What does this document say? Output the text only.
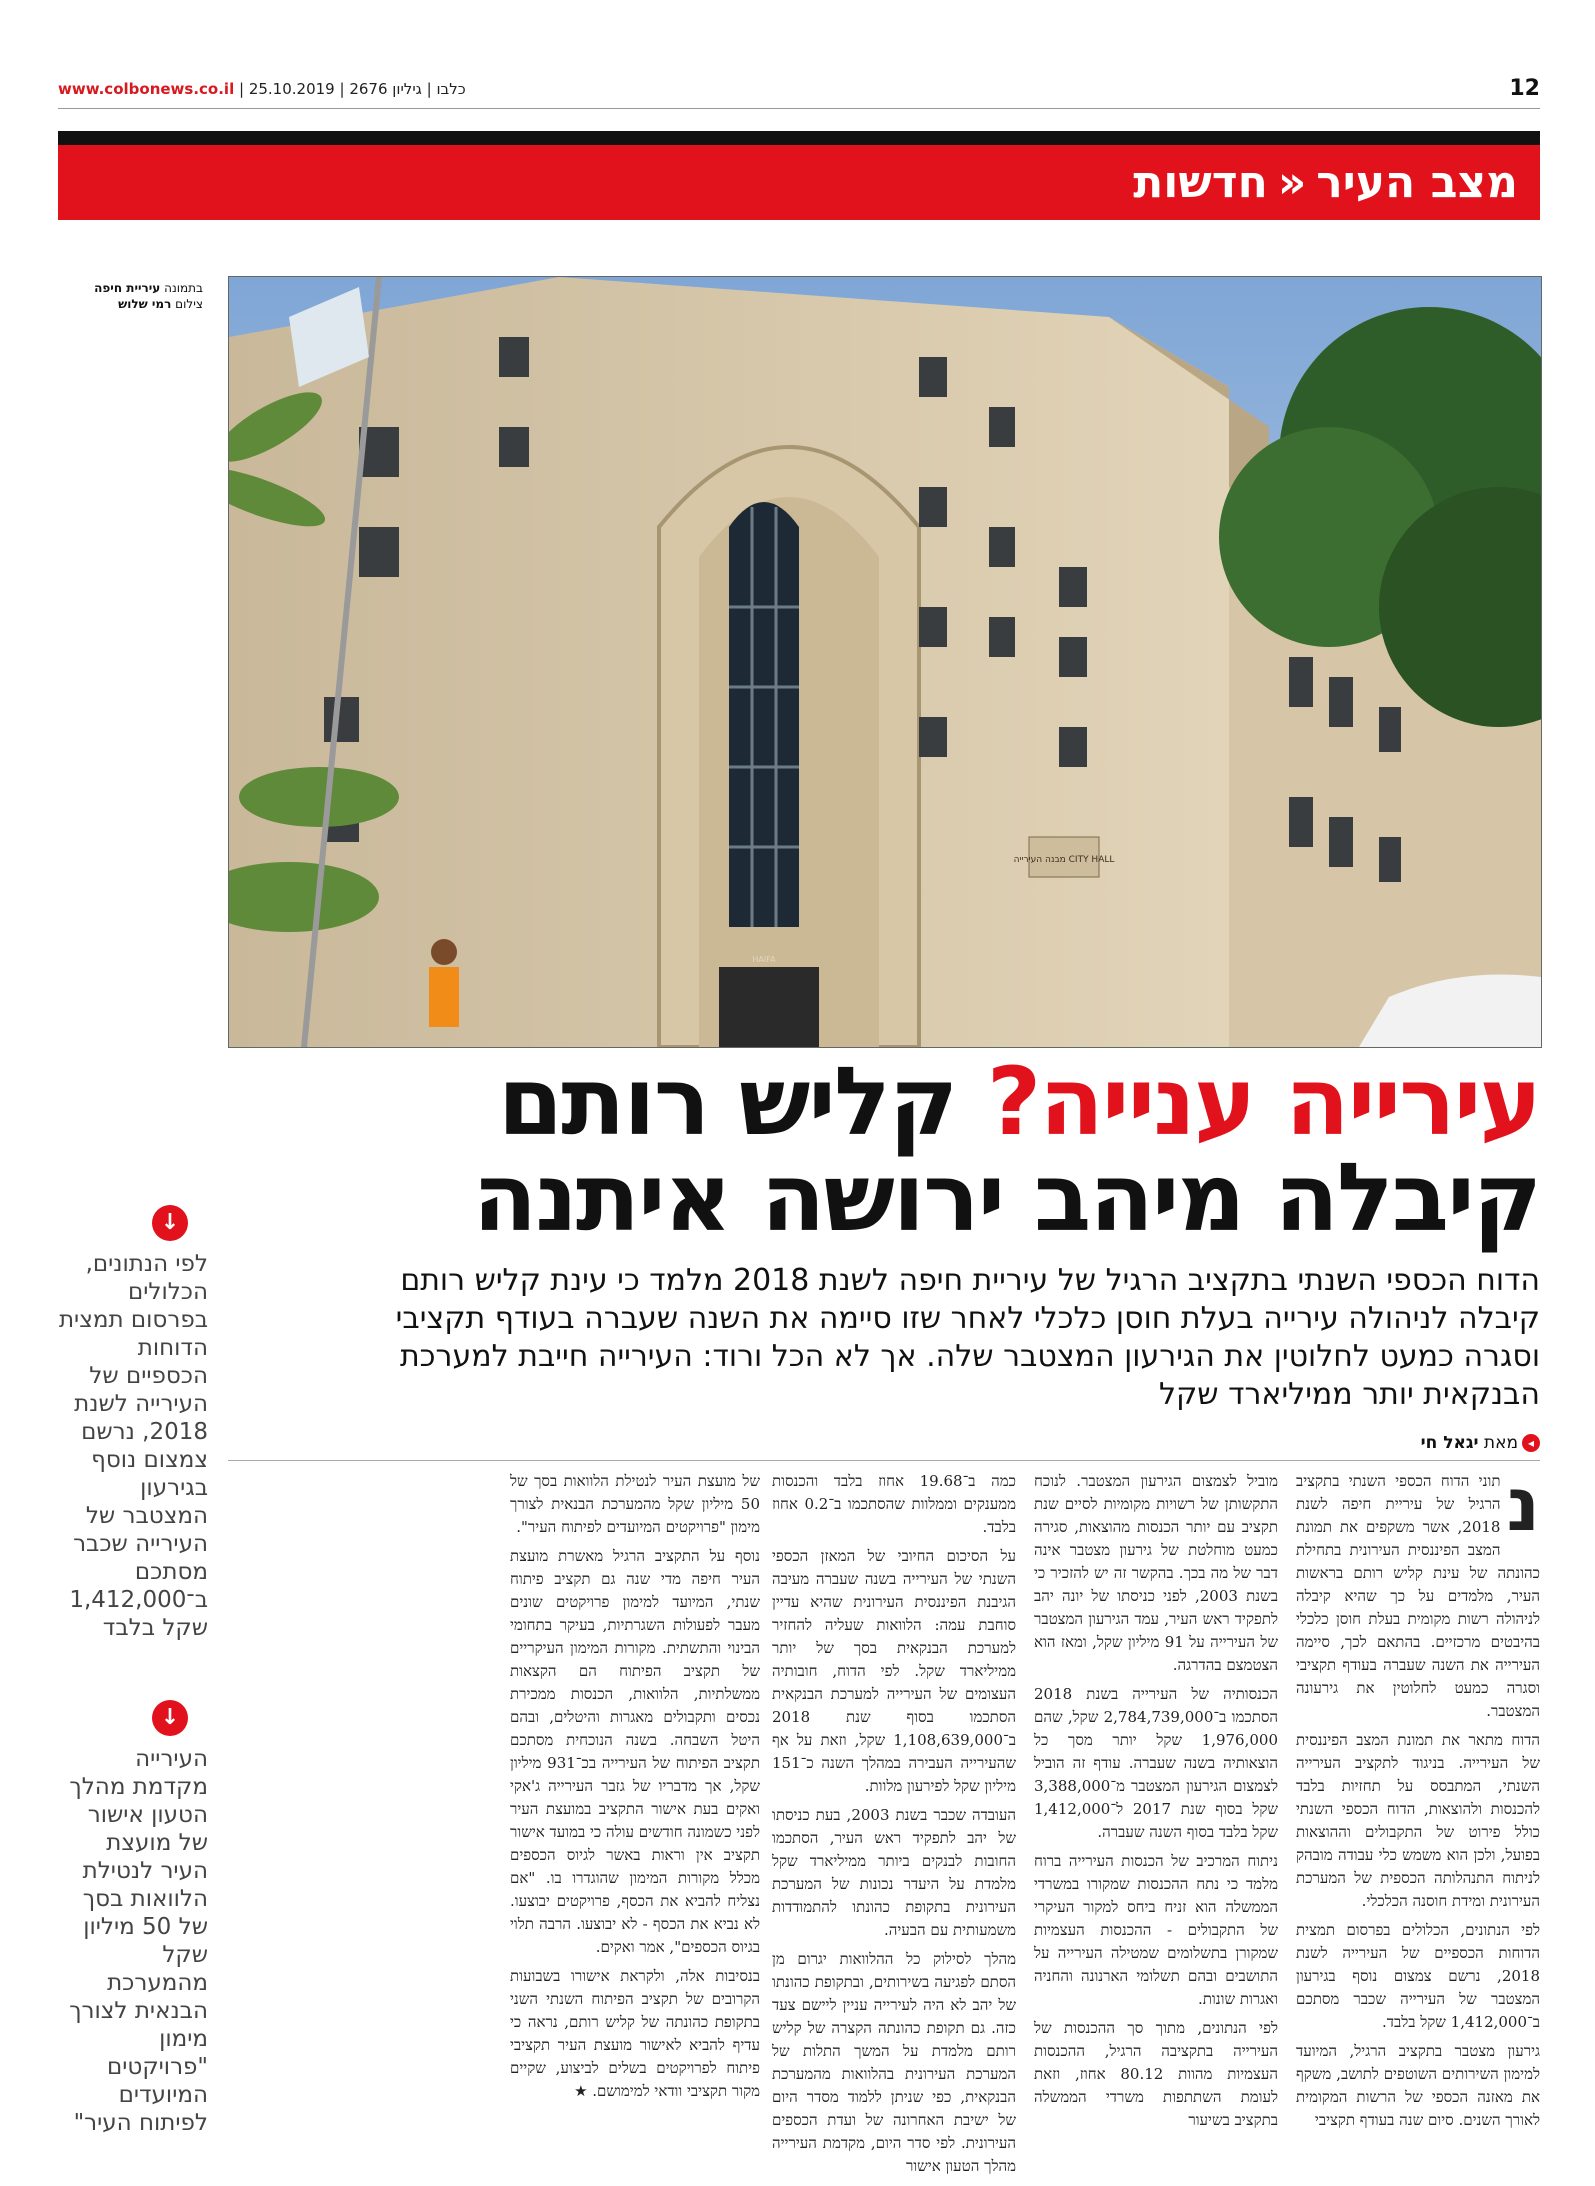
www.colbonews.co.il | כלבו | גיליון 2676 | 25.10.2019	12
מצב העיר«חדשות
מבנה העירייה CITY HALL
HAIFA
בתמונה עיריית חיפה
צילום רמי שלוש
עירייה ענייה? קליש רותם
קיבלה מיהב ירושה איתנה
הדוח הכספי השנתי בתקציב הרגיל של עיריית חיפה לשנת 2018 מלמד כי עינת קליש רותם קיבלה לניהולה עירייה בעלת חוסן כלכלי לאחר שזו סיימה את השנה שעברה בעודף תקציבי וסגרה כמעט לחלוטין את הגירעון המצטבר שלה. אך לא הכל ורוד: העירייה חייבת למערכת הבנקאית יותר ממיליארד שקל
◂מאת יגאל חי
נ

תוני הדוח הכספי השנתי בתקציב הרגיל של עיריית חיפה לשנת 2018, אשר משקפים את תמונת המצב הפיננסית העירונית בתחילת כהונתה של עינת קליש רותם בראשות העיר, מלמדים על כך שהיא קיבלה לניהולה רשות מקומית בעלת חוסן כלכלי בהיבטים מרכזיים. בהתאם לכך, סיימה העירייה את השנה שעברה בעודף תקציבי וסגרה כמעט לחלוטין את גירעונה המצטבר.

הדוח מתאר את תמונת המצב הפיננסית של העירייה. בניגוד לתקציב העירייה השנתי, המתבסס על תחזיות בלבד להכנסות ולהוצאות, הדוח הכספי השנתי כולל פירוט של התקבולים וההוצאות בפועל, ולכן הוא משמש כלי עבודה מובהק לניתוח התנהלותה הכספית של המערכת העירונית ומידת חוסנה הכלכלי.

לפי הנתונים, הכלולים בפרסום תמצית הדוחות הכספיים של העירייה לשנת 2018, נרשם צמצום נוסף בגירעון המצטבר של העירייה שכבר מסתכם ב־1,412,000 שקל בלבד.

גירעון מצטבר בתקציב הרגיל, המיועד למימון השירותים השוטפים לתושב, משקף את מאזנה הכספי של הרשות המקומית לאורך השנים. סיום שנה בעודף תקציבי

מוביל לצמצום הגירעון המצטבר. לנוכח התקשותן של רשויות מקומיות לסיים שנת תקציב עם יותר הכנסות מהוצאות, סגירה כמעט מוחלטת של גירעון מצטבר אינה דבר של מה בכך. בהקשר זה יש להזכיר כי בשנת 2003, לפני כניסתו של יונה יהב לתפקיד ראש העיר, עמד הגירעון המצטבר של העירייה על 91 מיליון שקל, ומאז הוא הצטמצם בהדרגה.

הכנסותיה של העירייה בשנת 2018 הסתכמו ב־2,784,739,000 שקל, שהם 1,976,000 שקל יותר מסך כל הוצאותיה בשנה שעברה. עודף זה הוביל לצמצום הגירעון המצטבר מ־3,388,000 שקל בסוף שנת 2017 ל־1,412,000 שקל בלבד בסוף השנה שעברה.

ניתוח המרכיב של הכנסות העירייה ברוח מלמד כי נתח ההכנסות שמקורו במשרדי הממשלה הוא זניח ביחס למקור העיקרי של התקבולים - ההכנסות העצמיות שמקורן בתשלומים שמטילה העירייה על התושבים ובהם תשלומי הארנונה והחניה ואגרות שונות.

לפי הנתונים, מתוך סך ההכנסות של העירייה בתקציבה הרגיל, ההכנסות העצמיות מהוות 80.12 אחוז, וזאת לעומת השתתפות משרדי הממשלה בתקציב בשיעור

כמה ב־19.68 אחוז בלבד והכנסות ממענקים וממלוות שהסתכמו ב־0.2 אחוז בלבד.

על הסיכום החיובי של המאזן הכספי השנתי של העירייה בשנה שעברה מעיבה הגיבנת הפיננסית העירונית שהיא עדיין סוחבת עמה: הלוואות שעליה להחזיר למערכת הבנקאית בסך של יותר ממיליארד שקל. לפי הדוח, חובותיה העצומים של העירייה למערכת הבנקאית הסתכמו בסוף שנת 2018 ב־1,108,639,000 שקל, וזאת על אף שהעירייה העבירה במהלך השנה כ־151 מיליון שקל לפירעון מלוות.

העובדה שכבר בשנת 2003, בעת כניסתו של יהב לתפקיד ראש העיר, הסתכמו החובות לבנקים ביותר ממיליארד שקל מלמדת על היעדר נכונות של המערכת העירונית בתקופת כהונתו להתמודדות משמעותית עם הבעיה.

מהלך לסילוק כל ההלוואות יגרום מן הסתם לפגיעה בשירותים, ובתקופת כהונתו של יהב לא היה לעירייה עניין ליישם צעד כזה. גם תקופת כהונתה הקצרה של קליש רותם מלמדת על המשך התלות של המערכת העירונית בהלוואות מהמערכת הבנקאית, כפי שניתן ללמוד מסדר היום של ישיבת האחרונה של ועדת הכספים העירונית. לפי סדר היום, מקדמת העירייה מהלך הטעון אישור

של מועצת העיר לנטילת הלוואות בסך של 50 מיליון שקל מהמערכת הבנאית לצורך מימון "פרויקטים המיועדים לפיתוח העיר".

נוסף על התקציב הרגיל מאשרת מועצת העיר חיפה מדי שנה גם תקציב פיתוח שנתי, המיועד למימון פרויקטים שונים מעבר לפעולות השגרתיות, בעיקר בתחומי הבינוי והתשתית. מקורות המימון העיקריים של תקציב הפיתוח הם הקצאות ממשלתיות, הלוואות, הכנסות ממכירת נכסים ותקבולים מאגרות והיטלים, ובהם היטל השבחה. בשנה הנוכחית מסתכם תקציב הפיתוח של העירייה בכ־931 מיליון שקל, אך מדבריו של גזבר העירייה ג'אקי ואקים בעת אישור התקציב במועצת העיר לפני כשמונה חודשים עולה כי במועד אישור תקציב אין וראות באשר לגיוס הכספים מכלל מקורות המימון שהוגדרו בו. "אם נצליח להביא את הכסף, פרויקטים יבוצעו. לא נביא את הכסף - לא יבוצעו. הרבה תלוי בגיוס הכספים", אמר ואקים.

בנסיבות אלה, ולקראת אישורו בשבועות הקרובים של תקציב הפיתוח השנתי השני בתקופת כהונתה של קליש רותם, נראה כי עדיף להביא לאישור מועצת העיר תקציבי פיתוח לפרויקטים בשלים לביצוע, שקיים מקור תקציבי וודאי למימושם. ★

↓
לפי הנתונים, הכלולים בפרסום תמצית הדוחות הכספיים של העירייה לשנת 2018, נרשם צמצום נוסף בגירעון המצטבר של העירייה שכבר מסתכם ב־1,412,000 שקל בלבד
↓
העירייה מקדמת מהלך הטעון אישור של מועצת העיר לנטילת הלוואות בסך של 50 מיליון שקל מהמערכת הבנאית לצורך מימון "פרויקטים המיועדים לפיתוח העיר"
